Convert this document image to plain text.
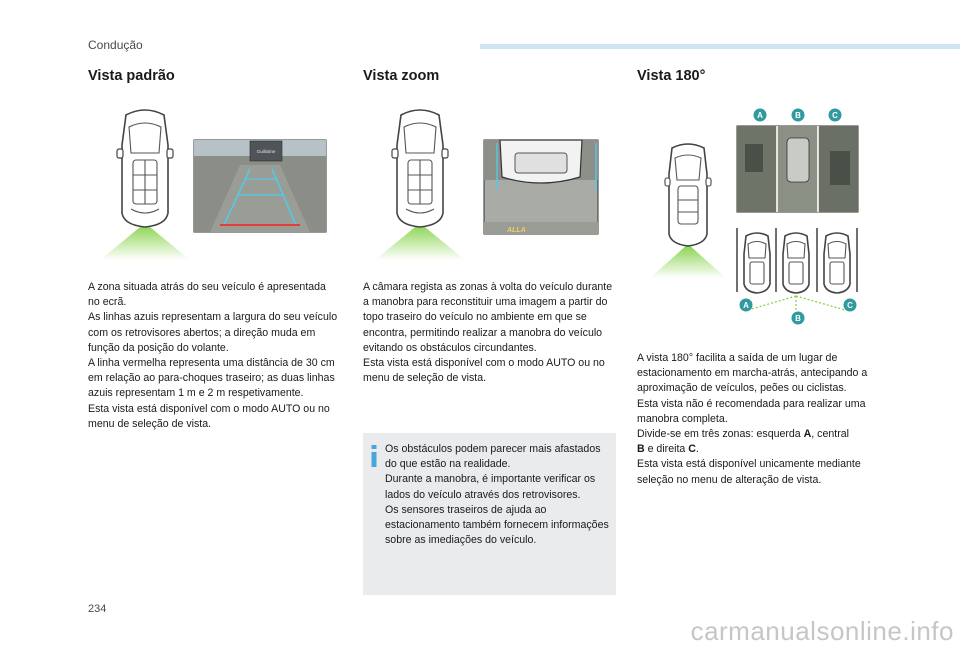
Condução
Vista padrão	Vista zoom	Vista 180°
Guillotine
ALLA
A	B	C
A
B
C

A zona situada atrás do seu veículo é apresentada no ecrã.

As linhas azuis representam a largura do seu veículo com os retrovisores abertos; a direção muda em função da posição do volante.

A linha vermelha representa uma distância de 30 cm em relação ao para-choques traseiro; as duas linhas azuis representam 1 m e 2 m respetivamente.

Esta vista está disponível com o modo AUTO ou no menu de seleção de vista.

A câmara regista as zonas à volta do veículo durante a manobra para reconstituir uma imagem a partir do topo traseiro do veículo no ambiente em que se encontra, permitindo realizar a manobra do veículo evitando os obstáculos circundantes.

Esta vista está disponível com o modo AUTO ou no menu de seleção de vista.

Os obstáculos podem parecer mais afastados do que estão na realidade.

Durante a manobra, é importante verificar os lados do veículo através dos retrovisores.

Os sensores traseiros de ajuda ao estacionamento também fornecem informações sobre as imediações do veículo.

A vista 180° facilita a saída de um lugar de estacionamento em marcha-atrás, antecipando a aproximação de veículos, peões ou ciclistas.

Esta vista não é recomendada para realizar uma manobra completa.

Divide-se em três zonas: esquerda A, central
B e direita C.

Esta vista está disponível unicamente mediante seleção no menu de alteração de vista.

234
carmanualsonline.info
